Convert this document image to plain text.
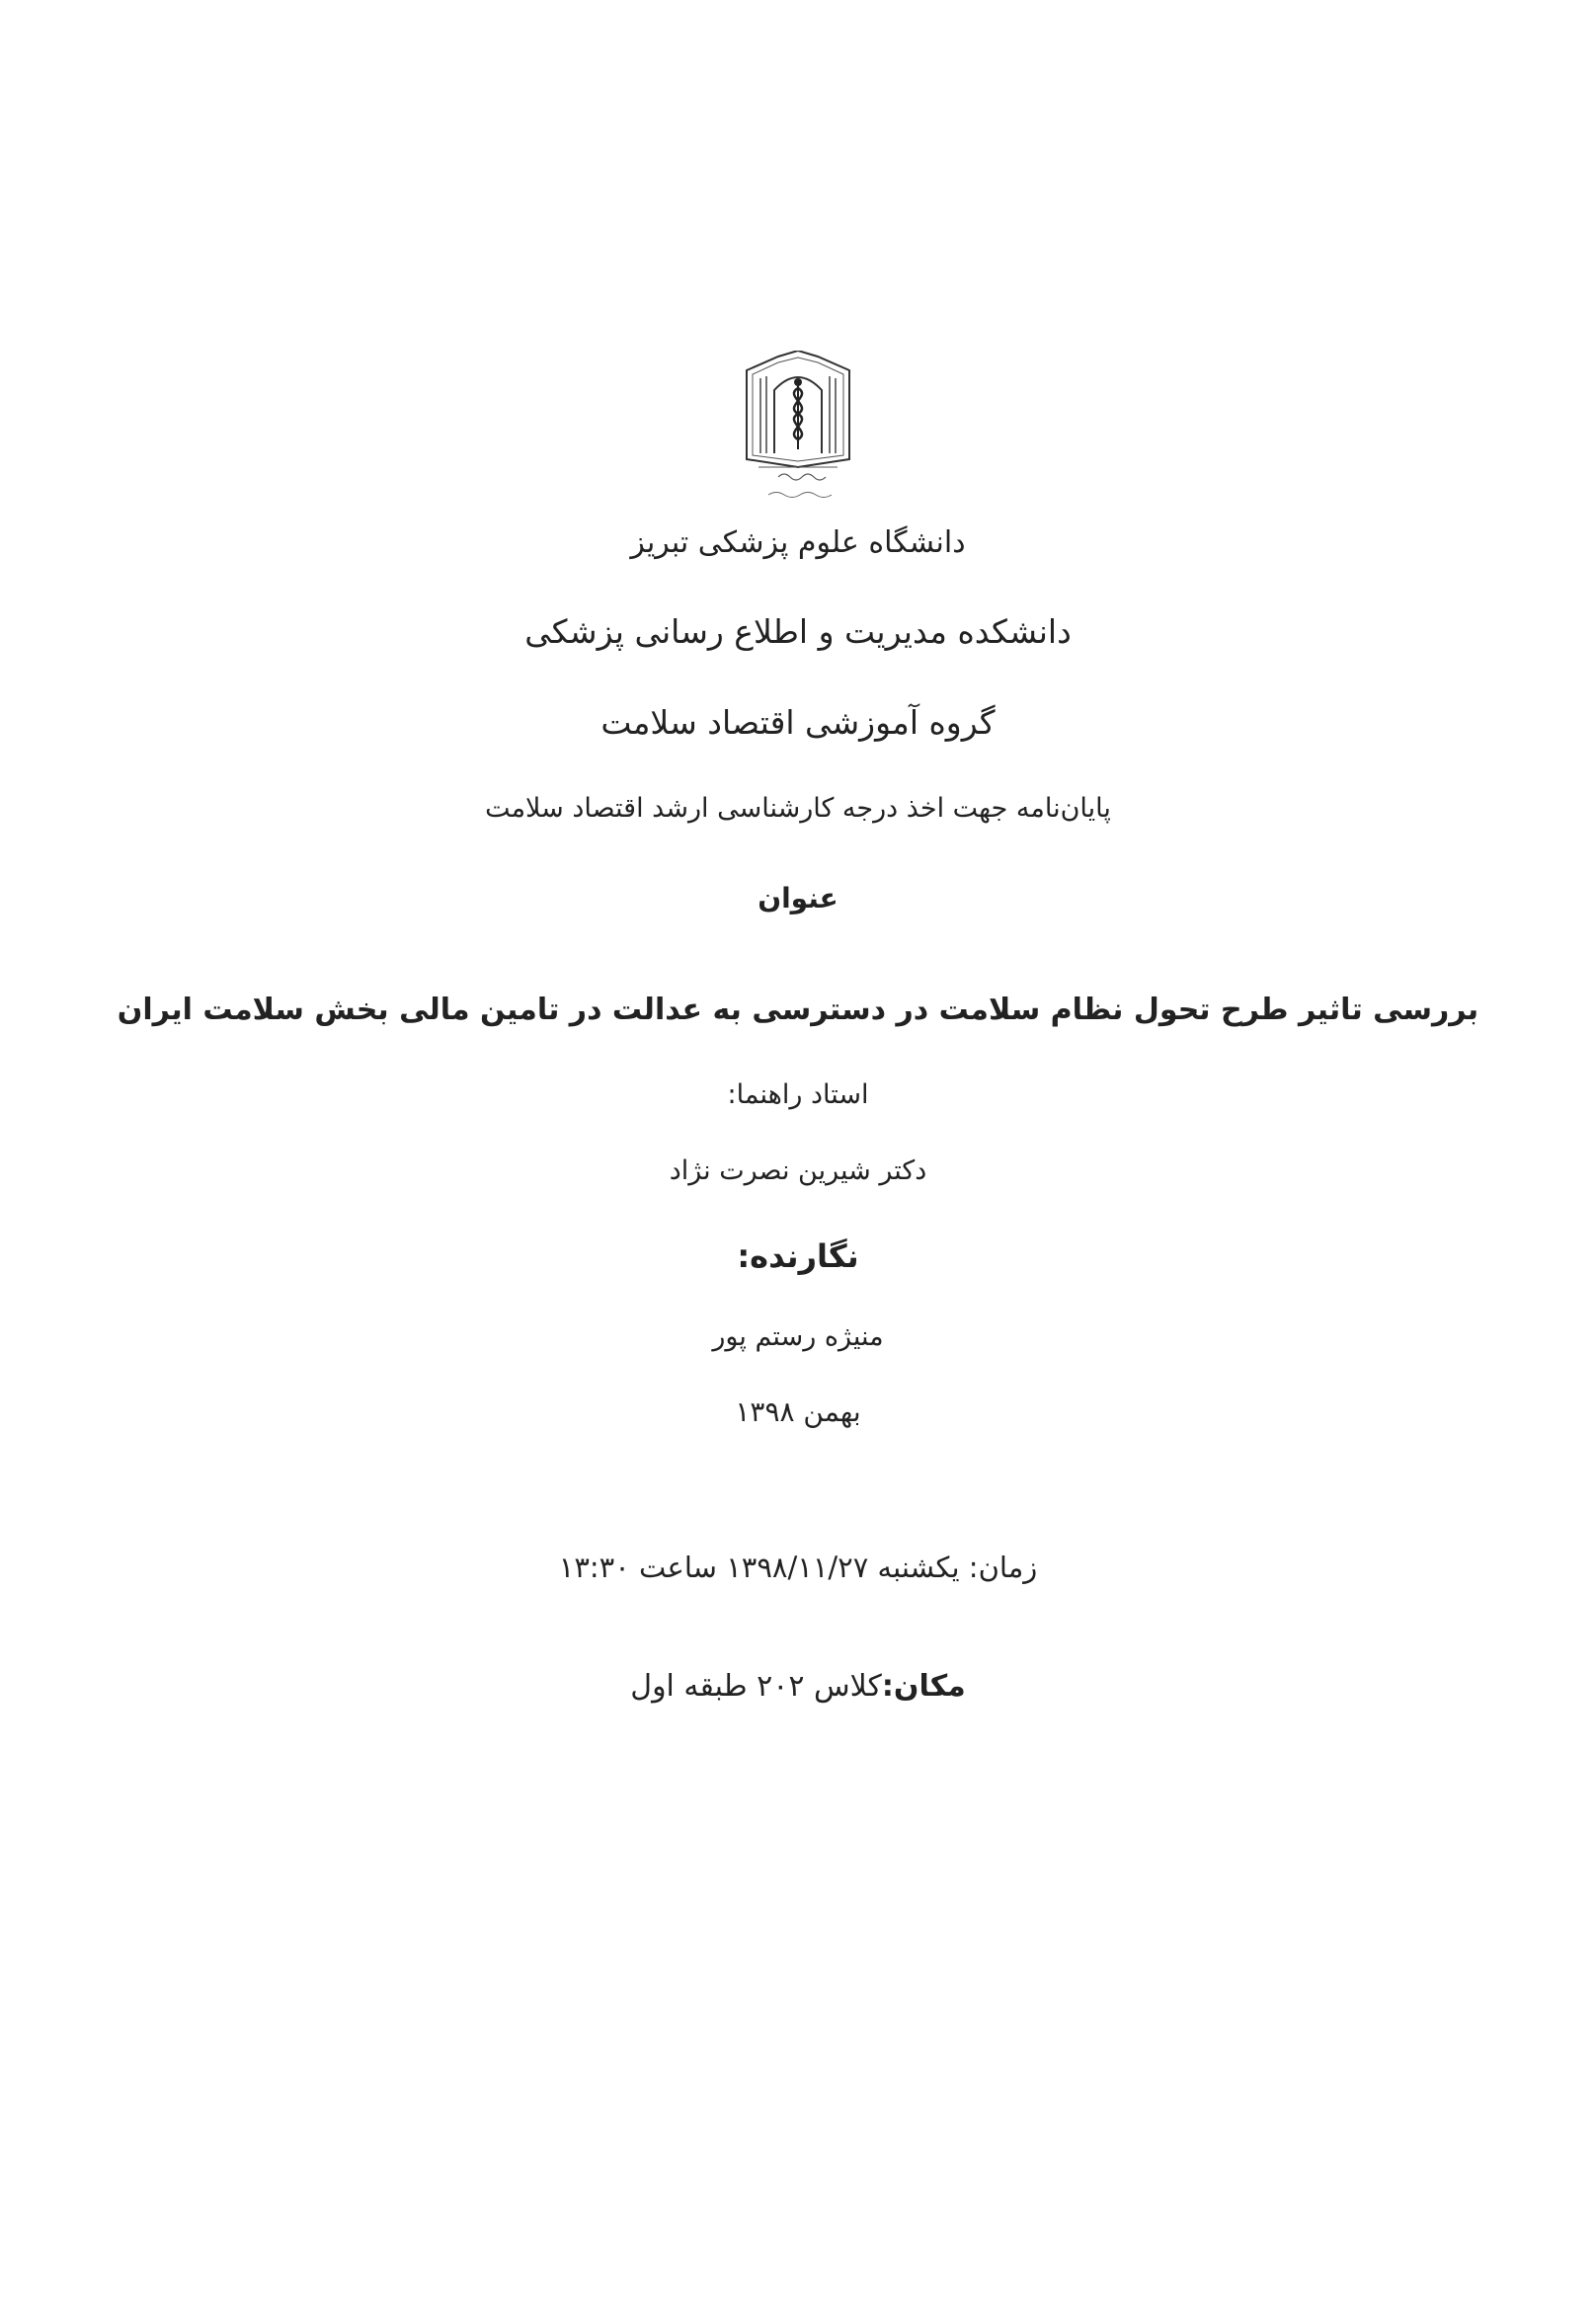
دانشگاه علوم پزشکی تبریز
دانشکده مدیریت و اطلاع رسانی پزشکی
گروه آموزشی اقتصاد سلامت
پایان‌نامه جهت اخذ درجه کارشناسی ارشد اقتصاد سلامت
عنوان
بررسی تاثیر طرح تحول نظام سلامت در دسترسی به عدالت در تامین مالی بخش سلامت ایران
استاد راهنما:
دکتر شیرین نصرت نژاد
نگارنده:
منیژه رستم پور
بهمن ۱۳۹۸
زمان: یکشنبه ۱۳۹۸/۱۱/۲۷ ساعت ۱۳:۳۰
مکان:کلاس ۲۰۲ طبقه اول
